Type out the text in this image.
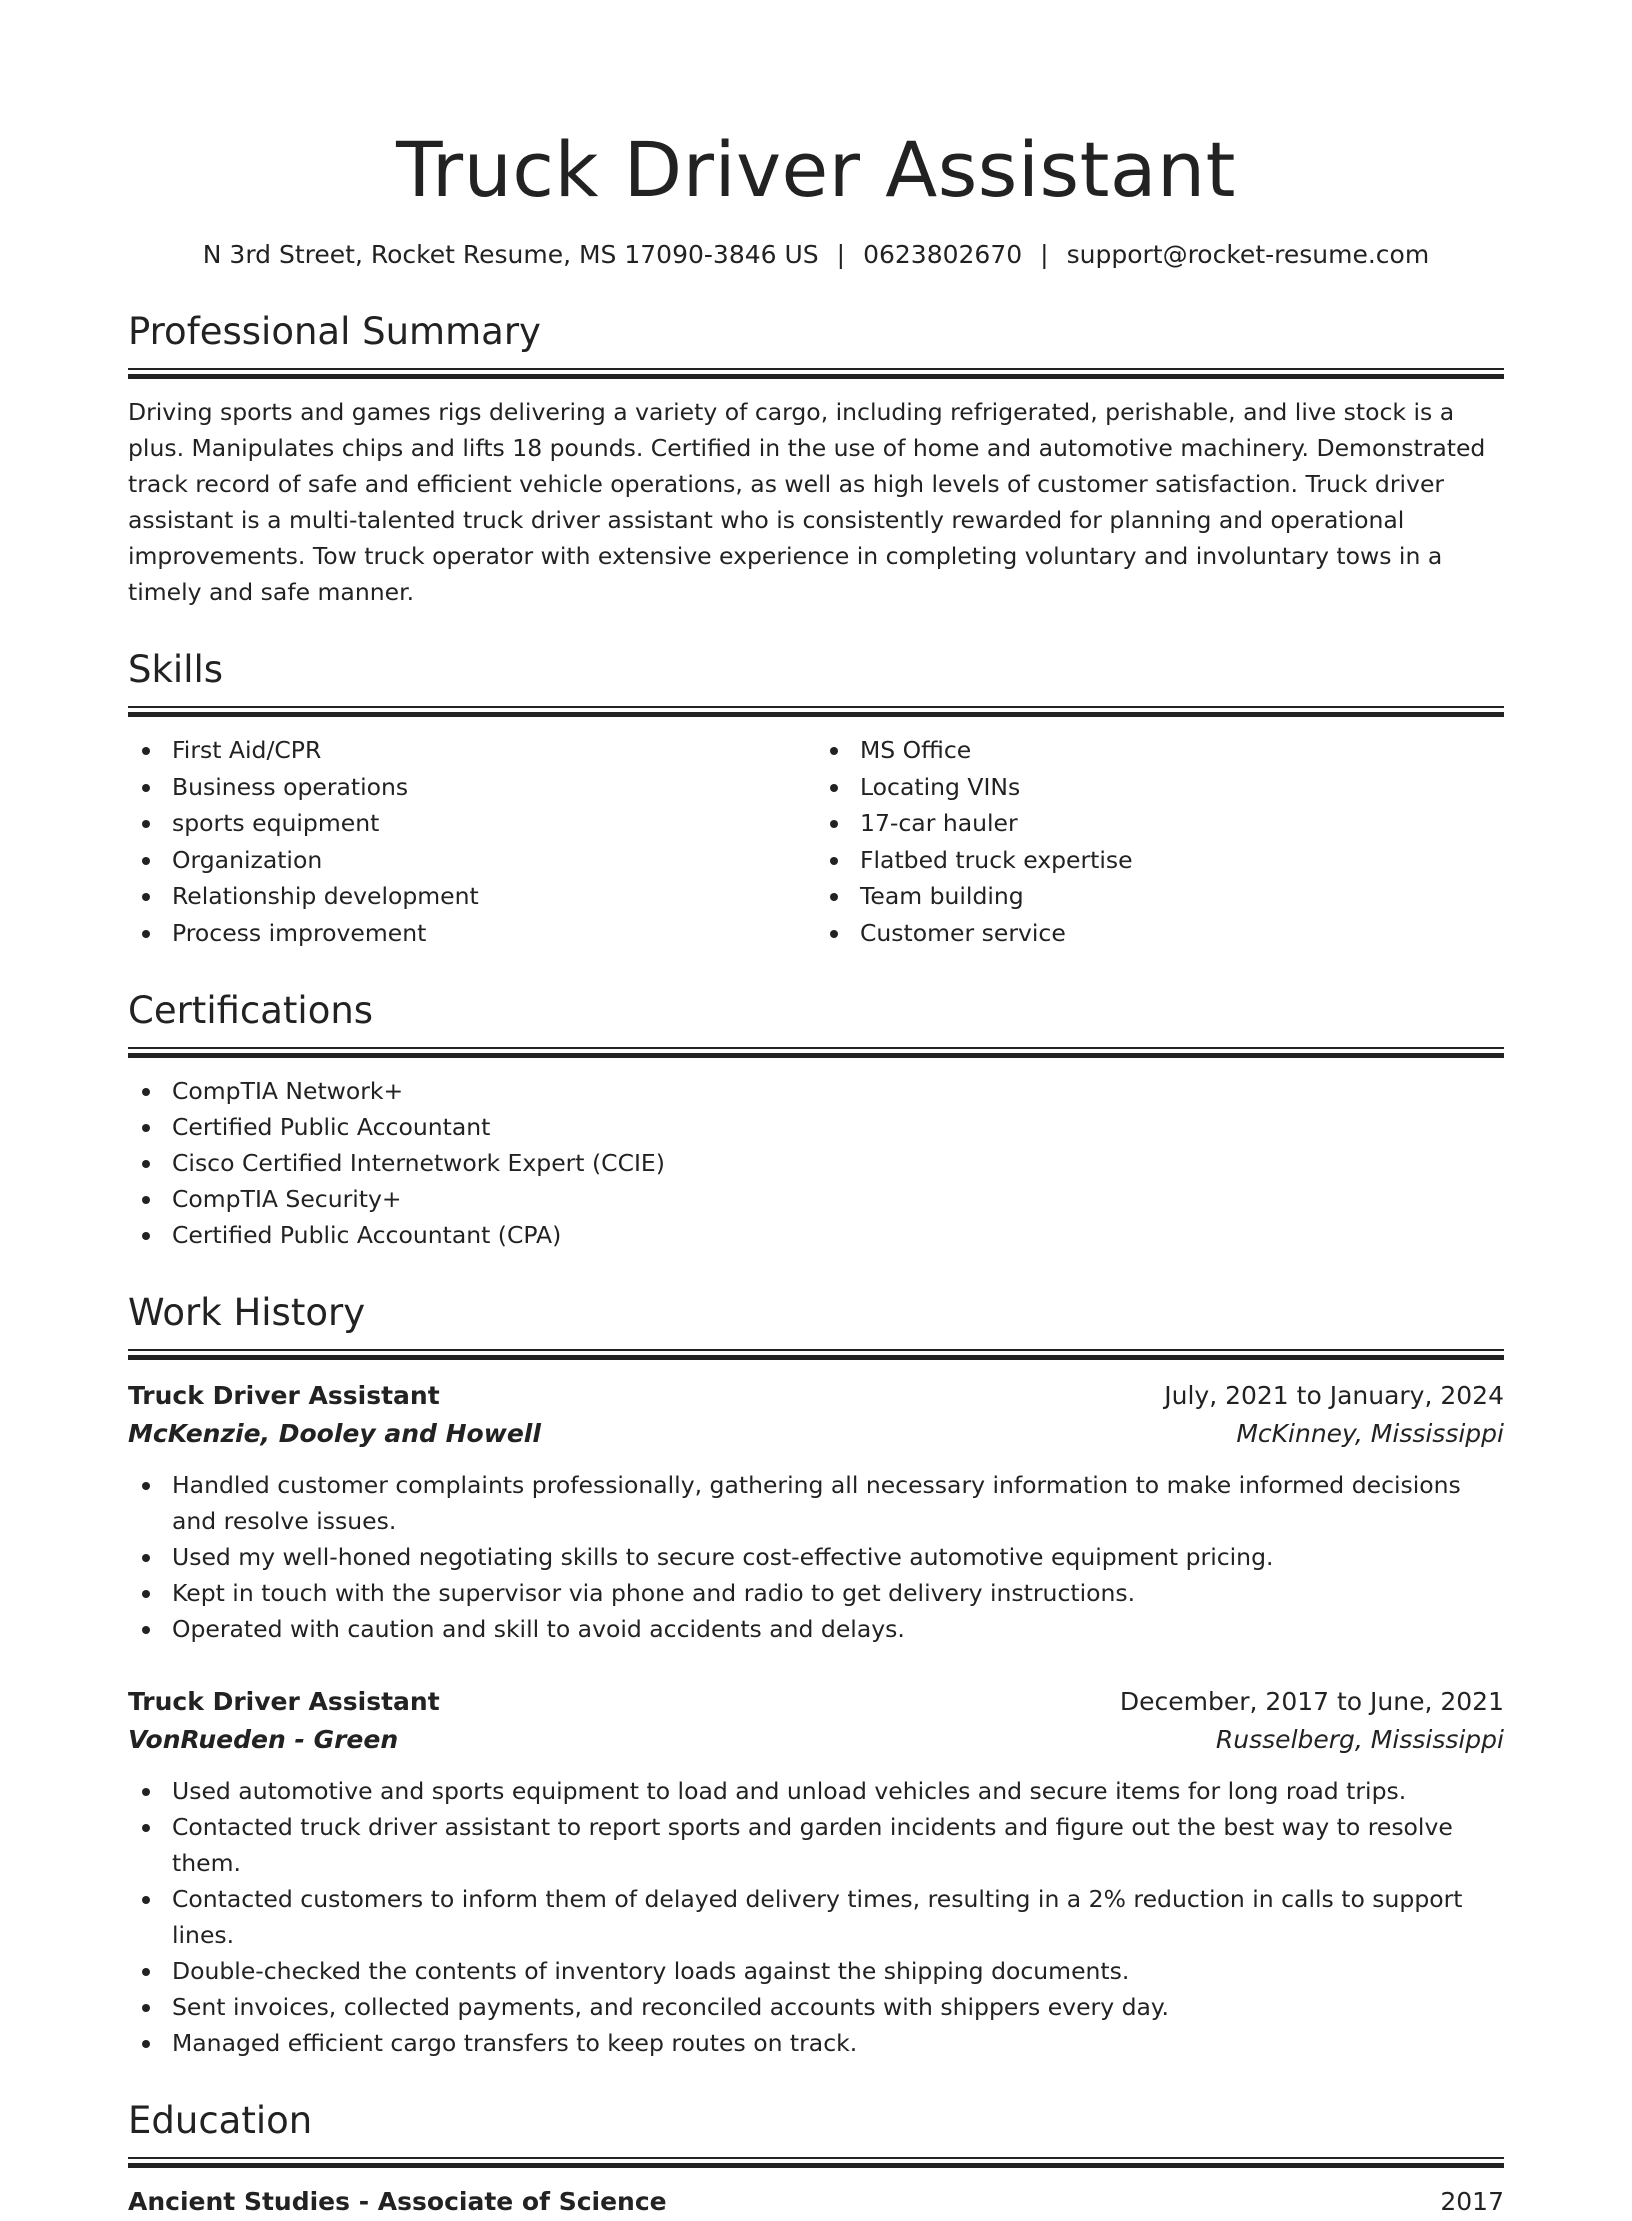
Truck Driver Assistant
N 3rd Street, Rocket Resume, MS 17090-3846 US | 0623802670 | support@rocket-resume.com
Professional Summary
Driving sports and games rigs delivering a variety of cargo, including refrigerated, perishable, and live stock is a plus. Manipulates chips and lifts 18 pounds. Certified in the use of home and automotive machinery. Demonstrated track record of safe and efficient vehicle operations, as well as high levels of customer satisfaction. Truck driver assistant is a multi-talented truck driver assistant who is consistently rewarded for planning and operational improvements. Tow truck operator with extensive experience in completing voluntary and involuntary tows in a timely and safe manner.
Skills
First Aid/CPR
Business operations
sports equipment
Organization
Relationship development
Process improvement
MS Office
Locating VINs
17-car hauler
Flatbed truck expertise
Team building
Customer service
Certifications
CompTIA Network+
Certified Public Accountant
Cisco Certified Internetwork Expert (CCIE)
CompTIA Security+
Certified Public Accountant (CPA)
Work History
Truck Driver Assistant	July, 2021 to January, 2024
McKenzie, Dooley and Howell	McKinney, Mississippi
Handled customer complaints professionally, gathering all necessary information to make informed decisions and resolve issues.
Used my well-honed negotiating skills to secure cost-effective automotive equipment pricing.
Kept in touch with the supervisor via phone and radio to get delivery instructions.
Operated with caution and skill to avoid accidents and delays.
Truck Driver Assistant	December, 2017 to June, 2021
VonRueden - Green	Russelberg, Mississippi
Used automotive and sports equipment to load and unload vehicles and secure items for long road trips.
Contacted truck driver assistant to report sports and garden incidents and figure out the best way to resolve them.
Contacted customers to inform them of delayed delivery times, resulting in a 2% reduction in calls to support lines.
Double-checked the contents of inventory loads against the shipping documents.
Sent invoices, collected payments, and reconciled accounts with shippers every day.
Managed efficient cargo transfers to keep routes on track.
Education
Ancient Studies - Associate of Science	2017
